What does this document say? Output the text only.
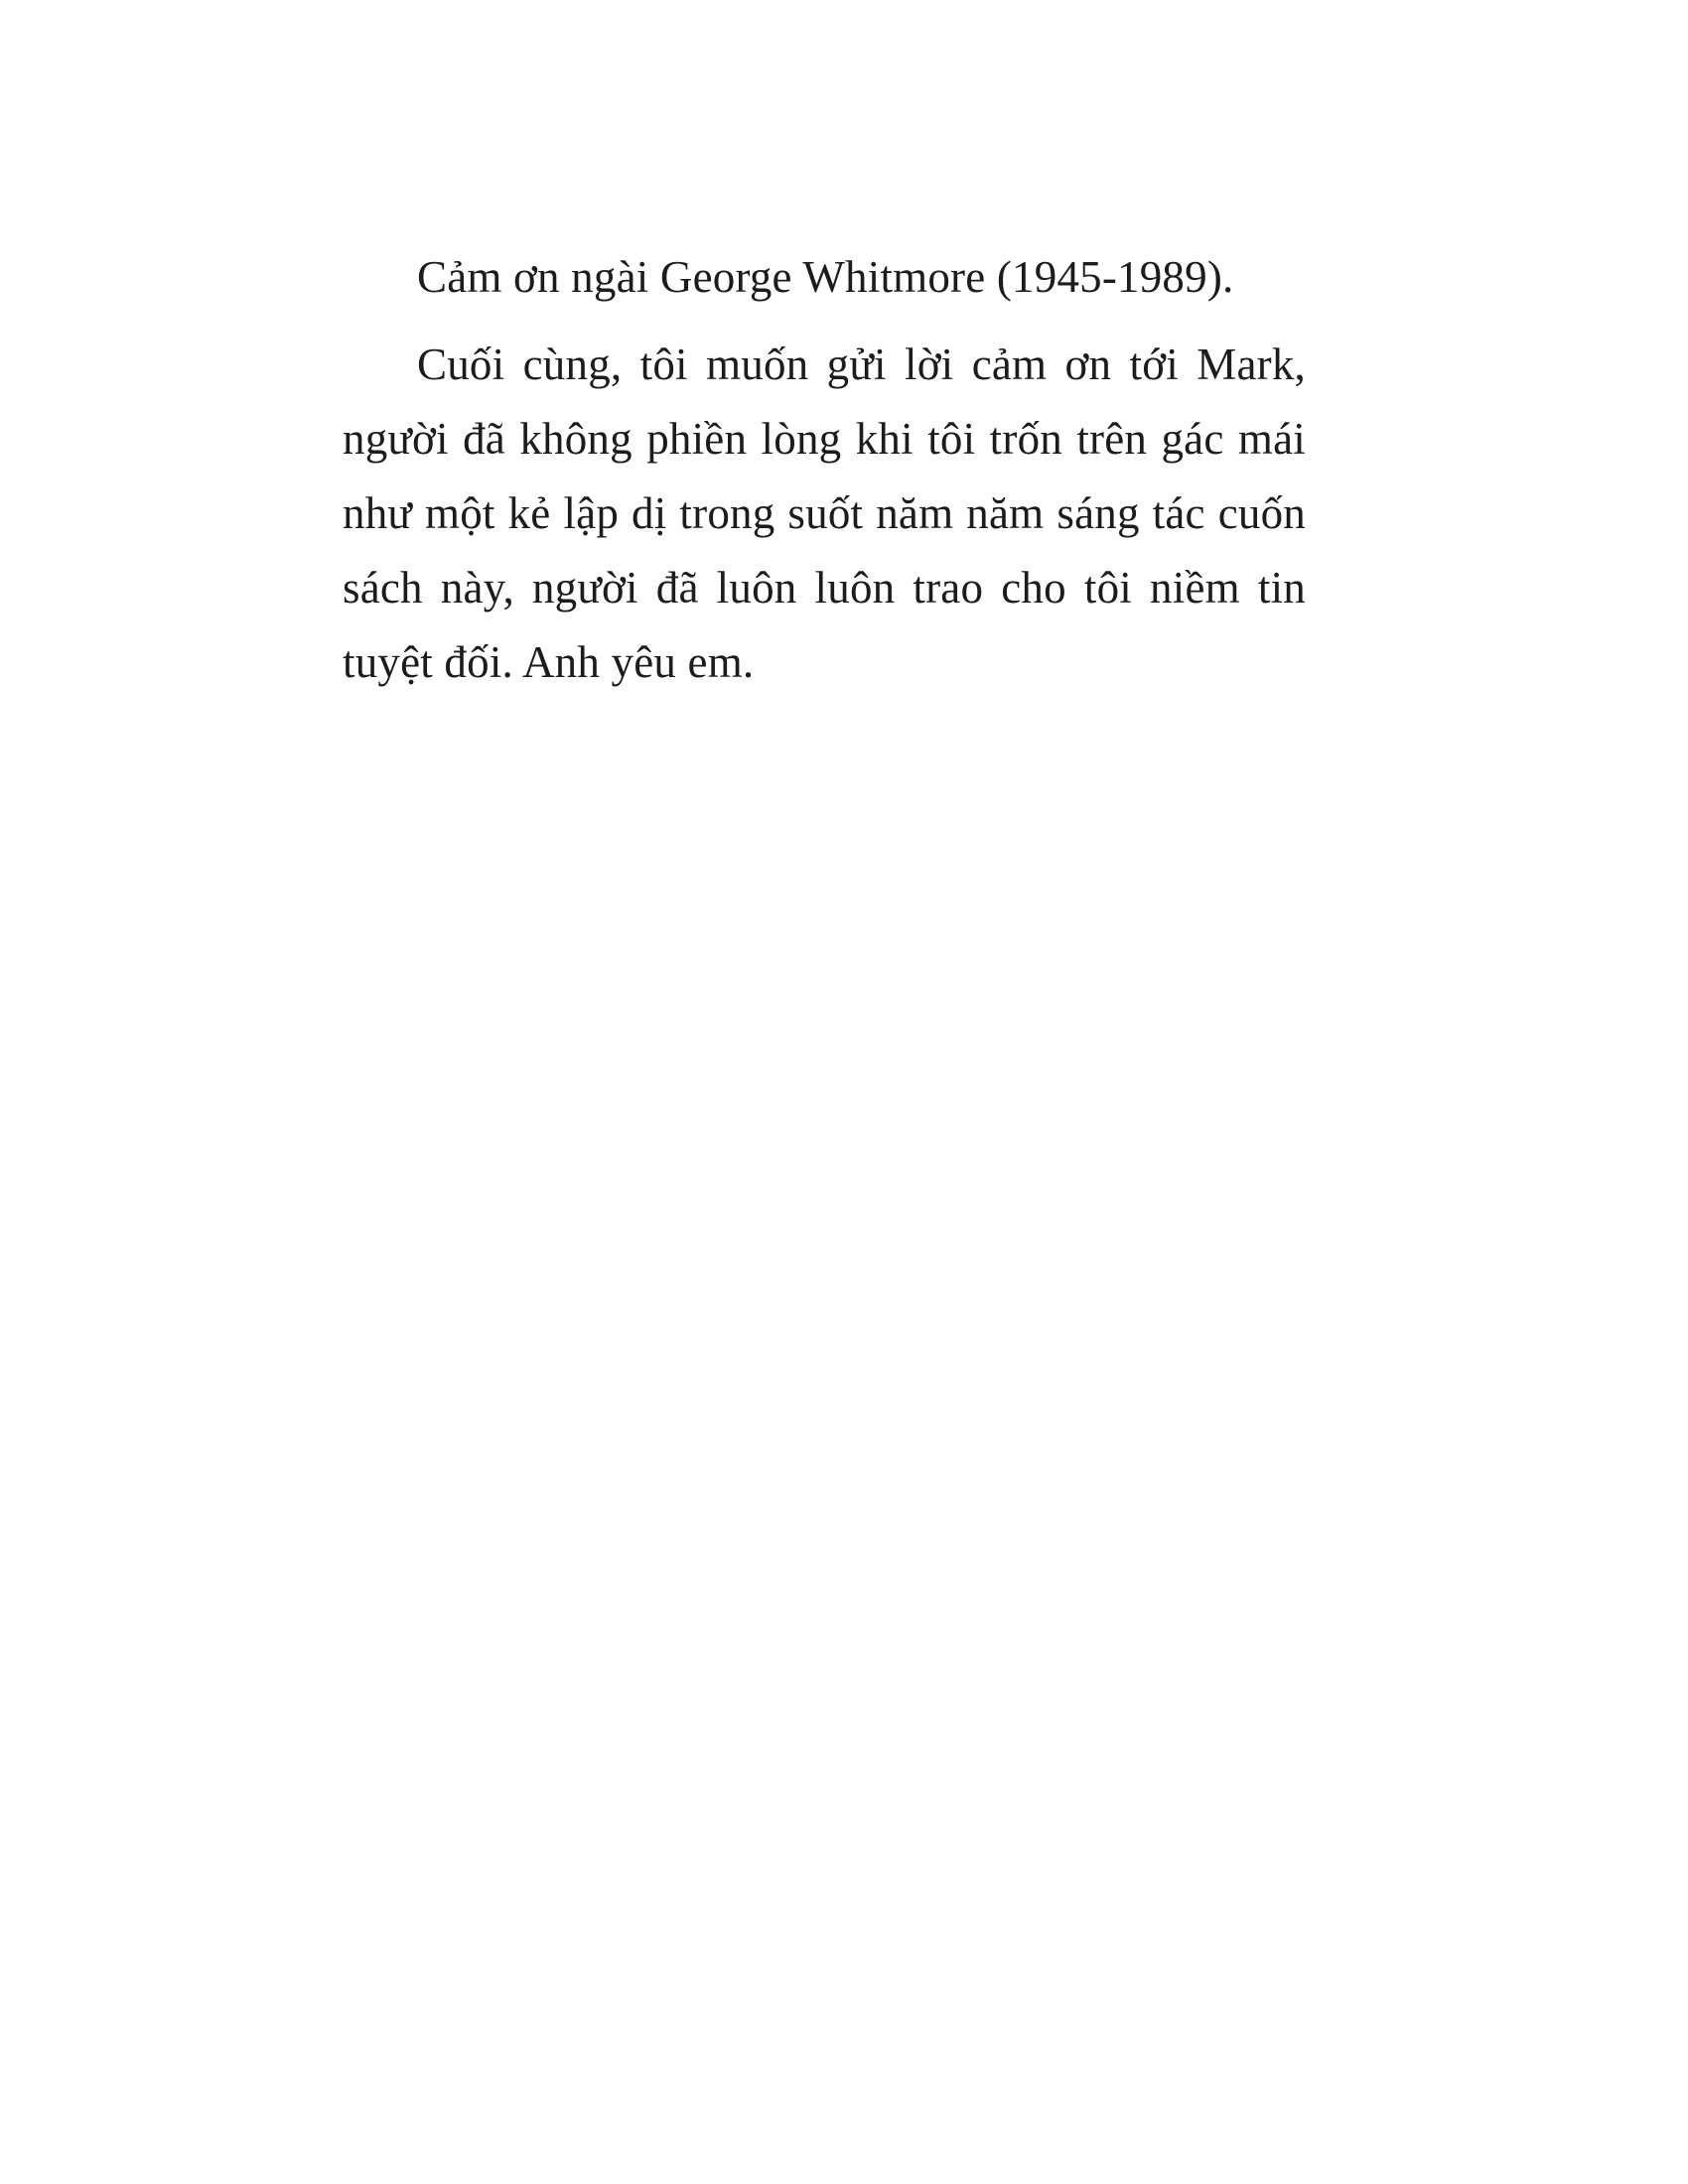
Cảm ơn ngài George Whitmore (1945-1989).
Cuối cùng, tôi muốn gửi lời cảm ơn tới Mark,
người đã không phiền lòng khi tôi trốn trên gác mái
như một kẻ lập dị trong suốt năm năm sáng tác cuốn
sách này, người đã luôn luôn trao cho tôi niềm tin
tuyệt đối. Anh yêu em.
